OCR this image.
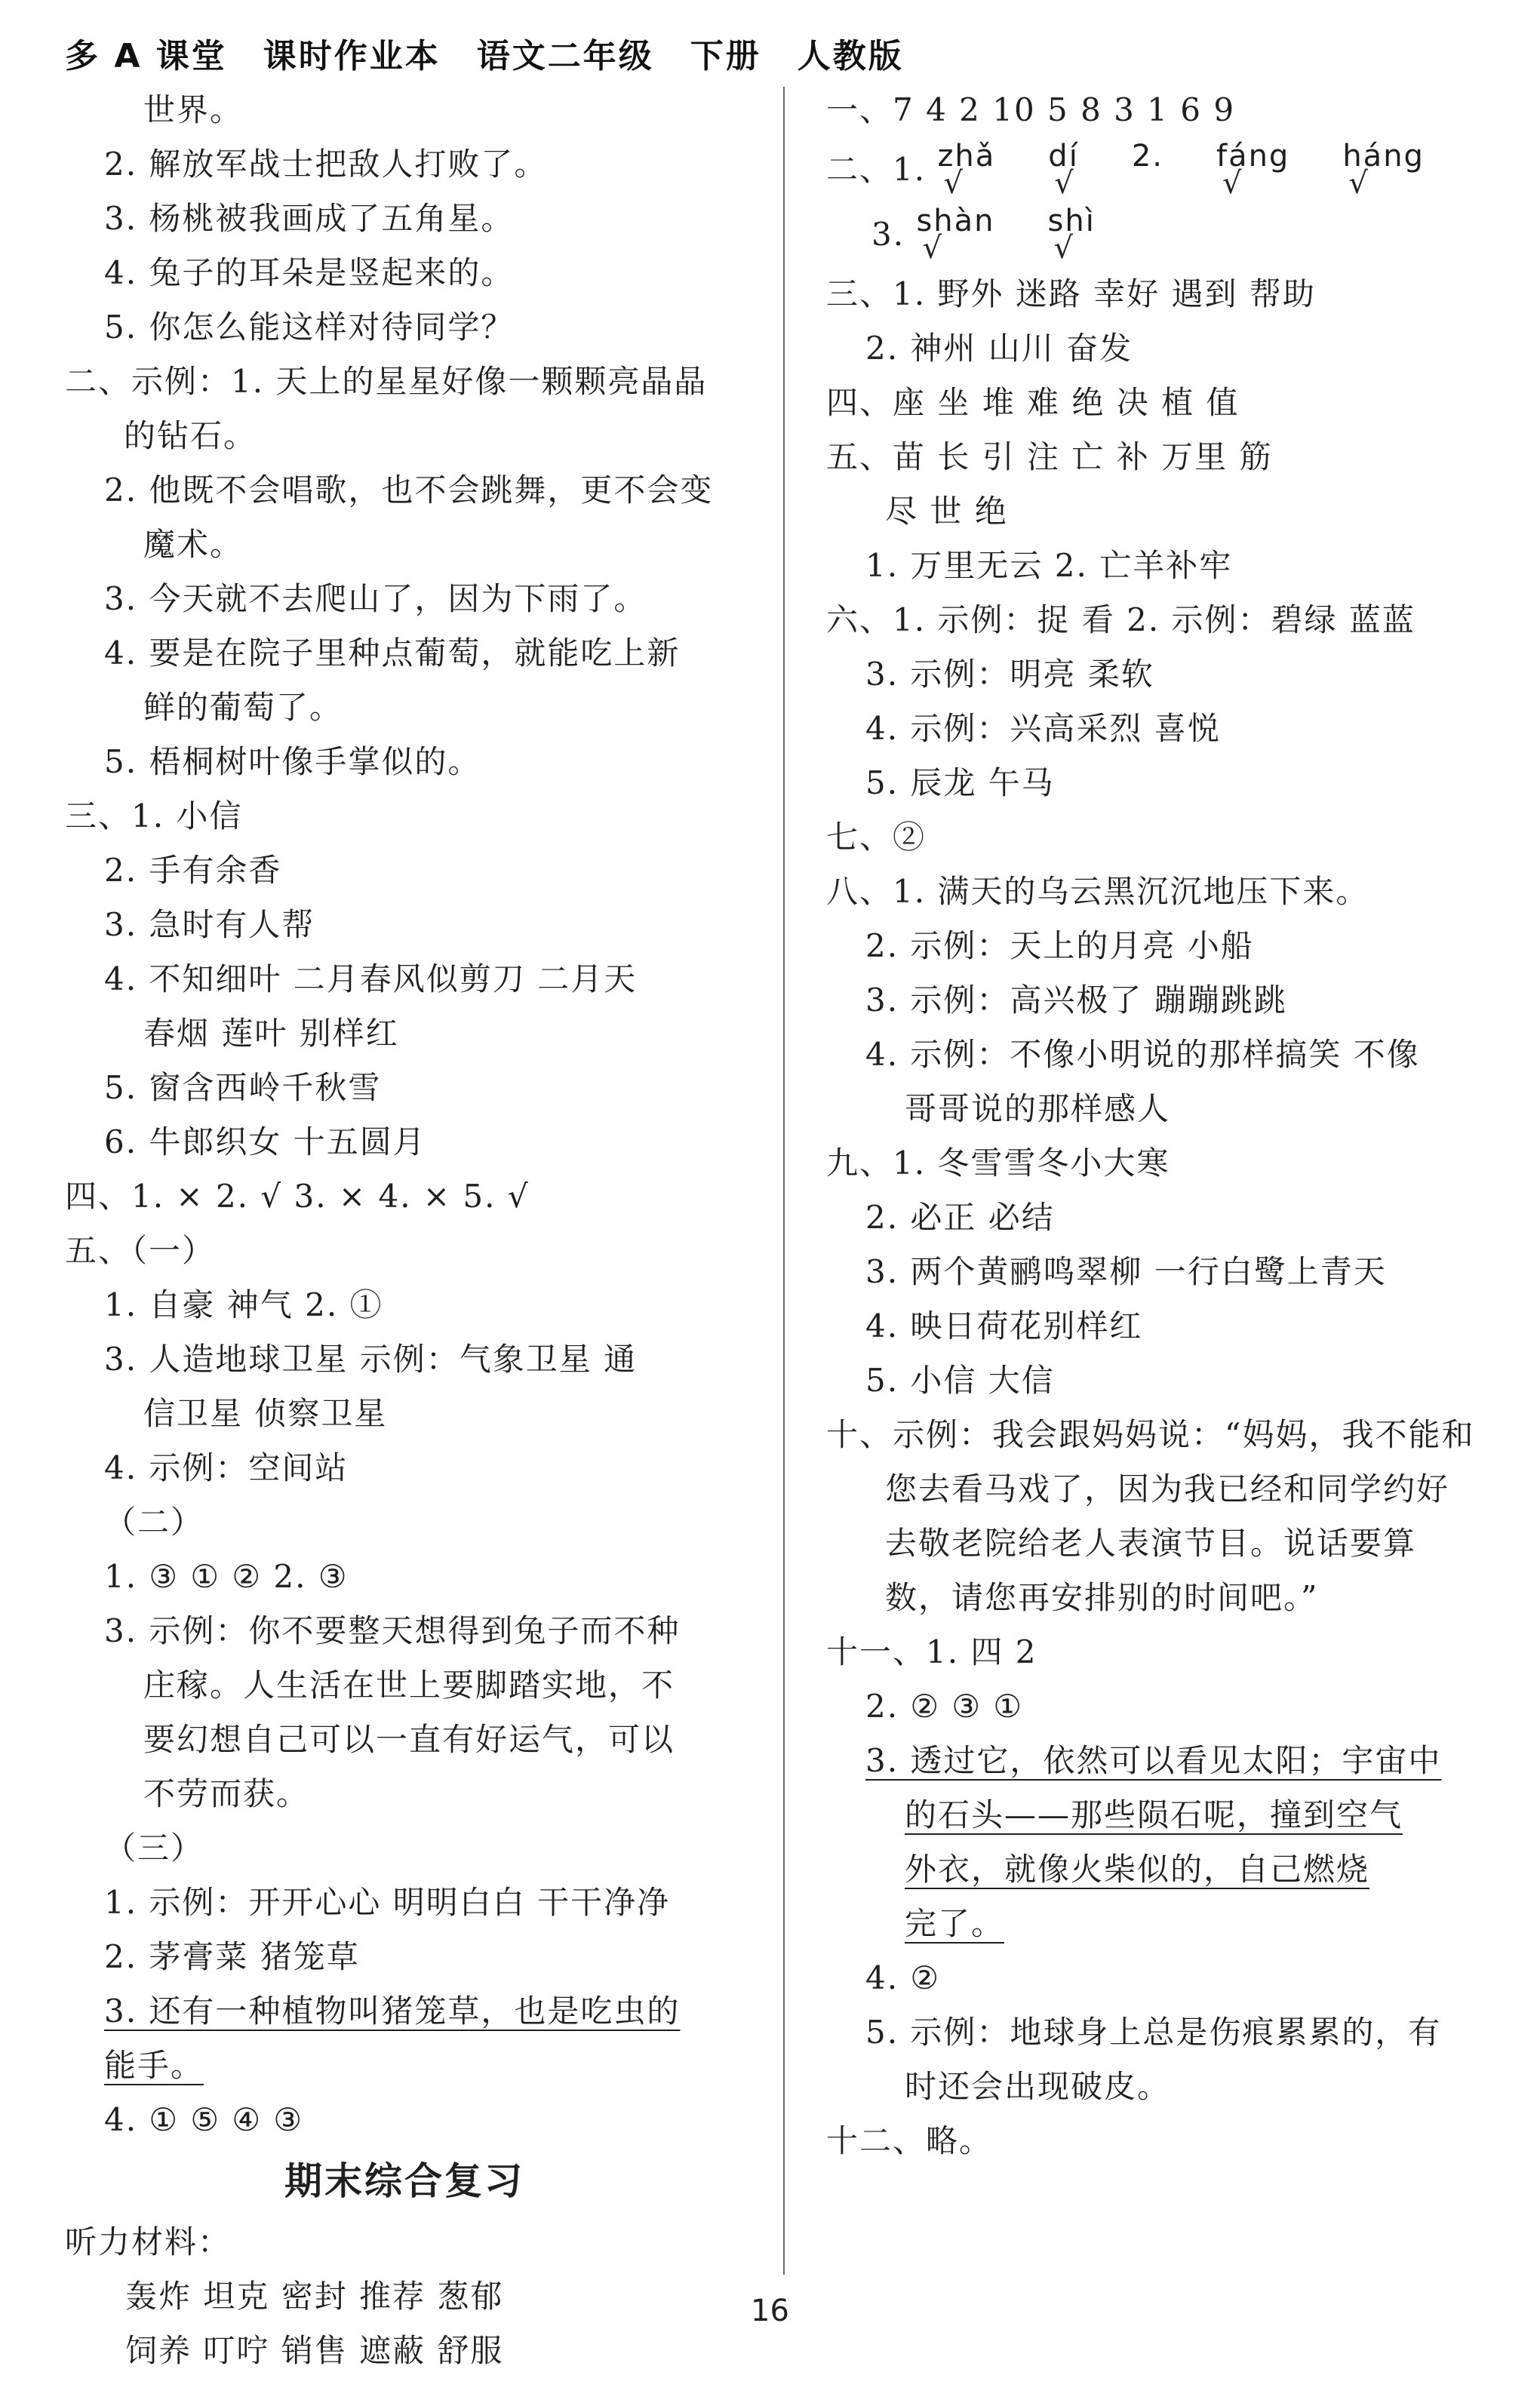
多 A 课堂 课时作业本 语文二年级 下册 人教版
世界。
2. 解放军战士把敌人打败了。
3. 杨桃被我画成了五角星。
4. 兔子的耳朵是竖起来的。
5. 你怎么能这样对待同学？
二、示例：1. 天上的星星好像一颗颗亮晶晶
的钻石。
2. 他既不会唱歌，也不会跳舞，更不会变
魔术。
3. 今天就不去爬山了，因为下雨了。
4. 要是在院子里种点葡萄，就能吃上新
鲜的葡萄了。
5. 梧桐树叶像手掌似的。
三、1. 小信
2. 手有余香
3. 急时有人帮
4. 不知细叶 二月春风似剪刀 二月天
春烟 莲叶 别样红
5. 窗含西岭千秋雪
6. 牛郎织女 十五圆月
四、1. × 2. √ 3. × 4. × 5. √
五、（一）
1. 自豪 神气 2. ①
3. 人造地球卫星 示例：气象卫星 通
信卫星 侦察卫星
4. 示例：空间站
（二）
1. ③ ① ② 2. ③
3. 示例：你不要整天想得到兔子而不种
庄稼。人生活在世上要脚踏实地，不
要幻想自己可以一直有好运气，可以
不劳而获。
（三）
1. 示例：开开心心 明明白白 干干净净
2. 茅膏菜 猪笼草
3. 还有一种植物叫猪笼草，也是吃虫的
能手。
4. ① ⑤ ④ ③
期末综合复习
听力材料：
轰炸 坦克 密封 推荐 葱郁
饲养 叮咛 销售 遮蔽 舒服
一、7 4 2 10 5 8 3 1 6 9
二、1. zhǎ
√
dí
√
2. fáng
√
háng
√
3. shàn
√
shì
√
三、1. 野外 迷路 幸好 遇到 帮助
2. 神州 山川 奋发
四、座 坐 堆 难 绝 决 植 值
五、苗 长 引 注 亡 补 万里 筋
尽 世 绝
1. 万里无云 2. 亡羊补牢
六、1. 示例：捉 看 2. 示例：碧绿 蓝蓝
3. 示例：明亮 柔软
4. 示例：兴高采烈 喜悦
5. 辰龙 午马
七、②
八、1. 满天的乌云黑沉沉地压下来。
2. 示例：天上的月亮 小船
3. 示例：高兴极了 蹦蹦跳跳
4. 示例：不像小明说的那样搞笑 不像
哥哥说的那样感人
九、1. 冬雪雪冬小大寒
2. 必正 必结
3. 两个黄鹂鸣翠柳 一行白鹭上青天
4. 映日荷花别样红
5. 小信 大信
十、示例：我会跟妈妈说：“妈妈，我不能和
您去看马戏了，因为我已经和同学约好
去敬老院给老人表演节目。说话要算
数，请您再安排别的时间吧。”
十一、1. 四 2
2. ② ③ ①
3. 透过它，依然可以看见太阳；宇宙中
的石头——那些陨石呢，撞到空气
外衣，就像火柴似的，自己燃烧
完了。
4. ②
5. 示例：地球身上总是伤痕累累的，有
时还会出现破皮。
十二、略。
16
